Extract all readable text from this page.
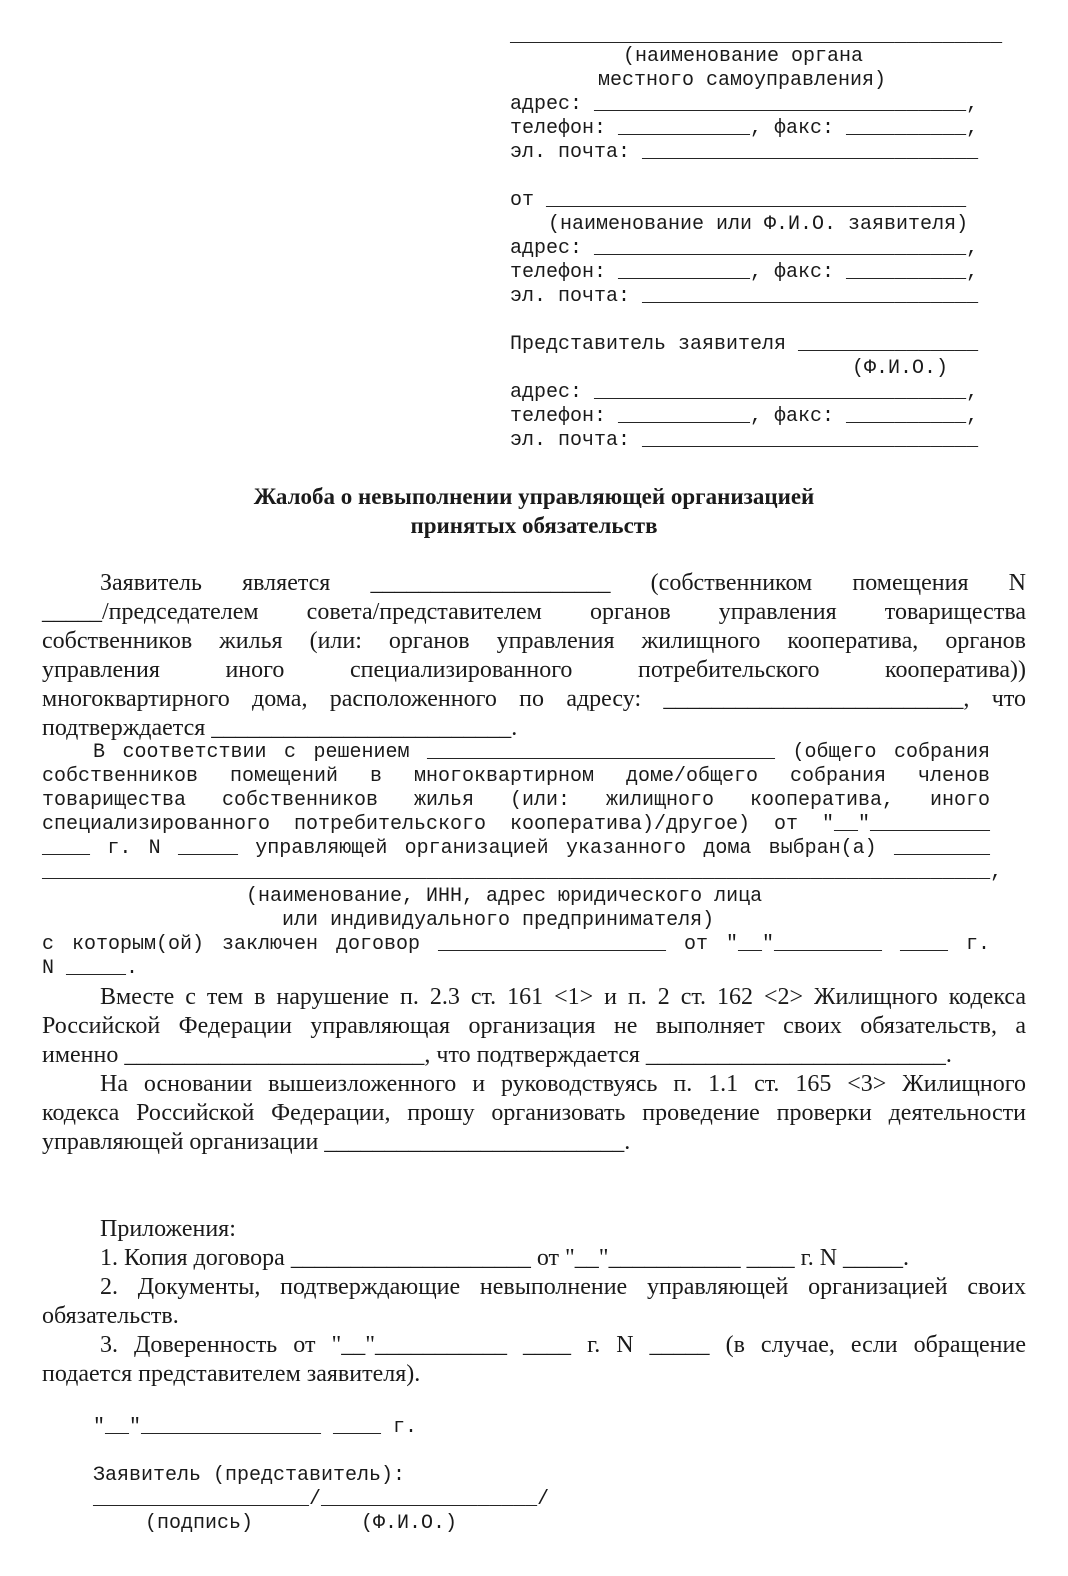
_________________________________________

(наименование органа

местного самоуправления)

адрес: _______________________________,

телефон: ___________, факс: __________,

эл. почта: ____________________________

от ___________________________________

(наименование или Ф.И.О. заявителя)

адрес: _______________________________,

телефон: ___________, факс: __________,

эл. почта: ____________________________

Представитель заявителя _______________

(Ф.И.О.)

адрес: _______________________________,

телефон: ___________, факс: __________,

эл. почта: ____________________________

Жалоба о невыполнении управляющей организацией

принятых обязательств

Заявитель является ____________________ (собственником помещения N

_____/председателем совета/представителем органов управления товарищества

собственников жилья (или: органов управления жилищного кооператива, органов

управления иного специализированного потребительского кооператива))

многоквартирного дома, расположенного по адресу: _________________________, что

подтверждается _________________________.

В соответствии с решением _____________________________ (общего собрания

собственников помещений в многоквартирном доме/общего собрания членов

товарищества собственников жилья (или: жилищного кооператива, иного

специализированного потребительского кооператива)/другое) от "__"__________

____ г. N _____ управляющей организацией указанного дома выбран(а) ________

_______________________________________________________________________________,

(наименование, ИНН, адрес юридического лица

или индивидуального предпринимателя)

с которым(ой) заключен договор ___________________ от "__"_________ ____ г.

N _____.

Вместе с тем в нарушение п. 2.3 ст. 161 <1> и п. 2 ст. 162 <2> Жилищного кодекса

Российской Федерации управляющая организация не выполняет своих обязательств, а

именно _________________________, что подтверждается _________________________.

На основании вышеизложенного и руководствуясь п. 1.1 ст. 165 <3> Жилищного

кодекса Российской Федерации, прошу организовать проведение проверки деятельности

управляющей организации _________________________.

Приложения:

1. Копия договора ____________________ от "__"___________ ____ г. N _____.

2. Документы, подтверждающие невыполнение управляющей организацией своих

обязательств.

3. Доверенность от "__"___________ ____ г. N _____ (в случае, если обращение

подается представителем заявителя).

"__"_______________ ____ г.

Заявитель (представитель):

__________________/__________________/

(подпись)         (Ф.И.О.)
